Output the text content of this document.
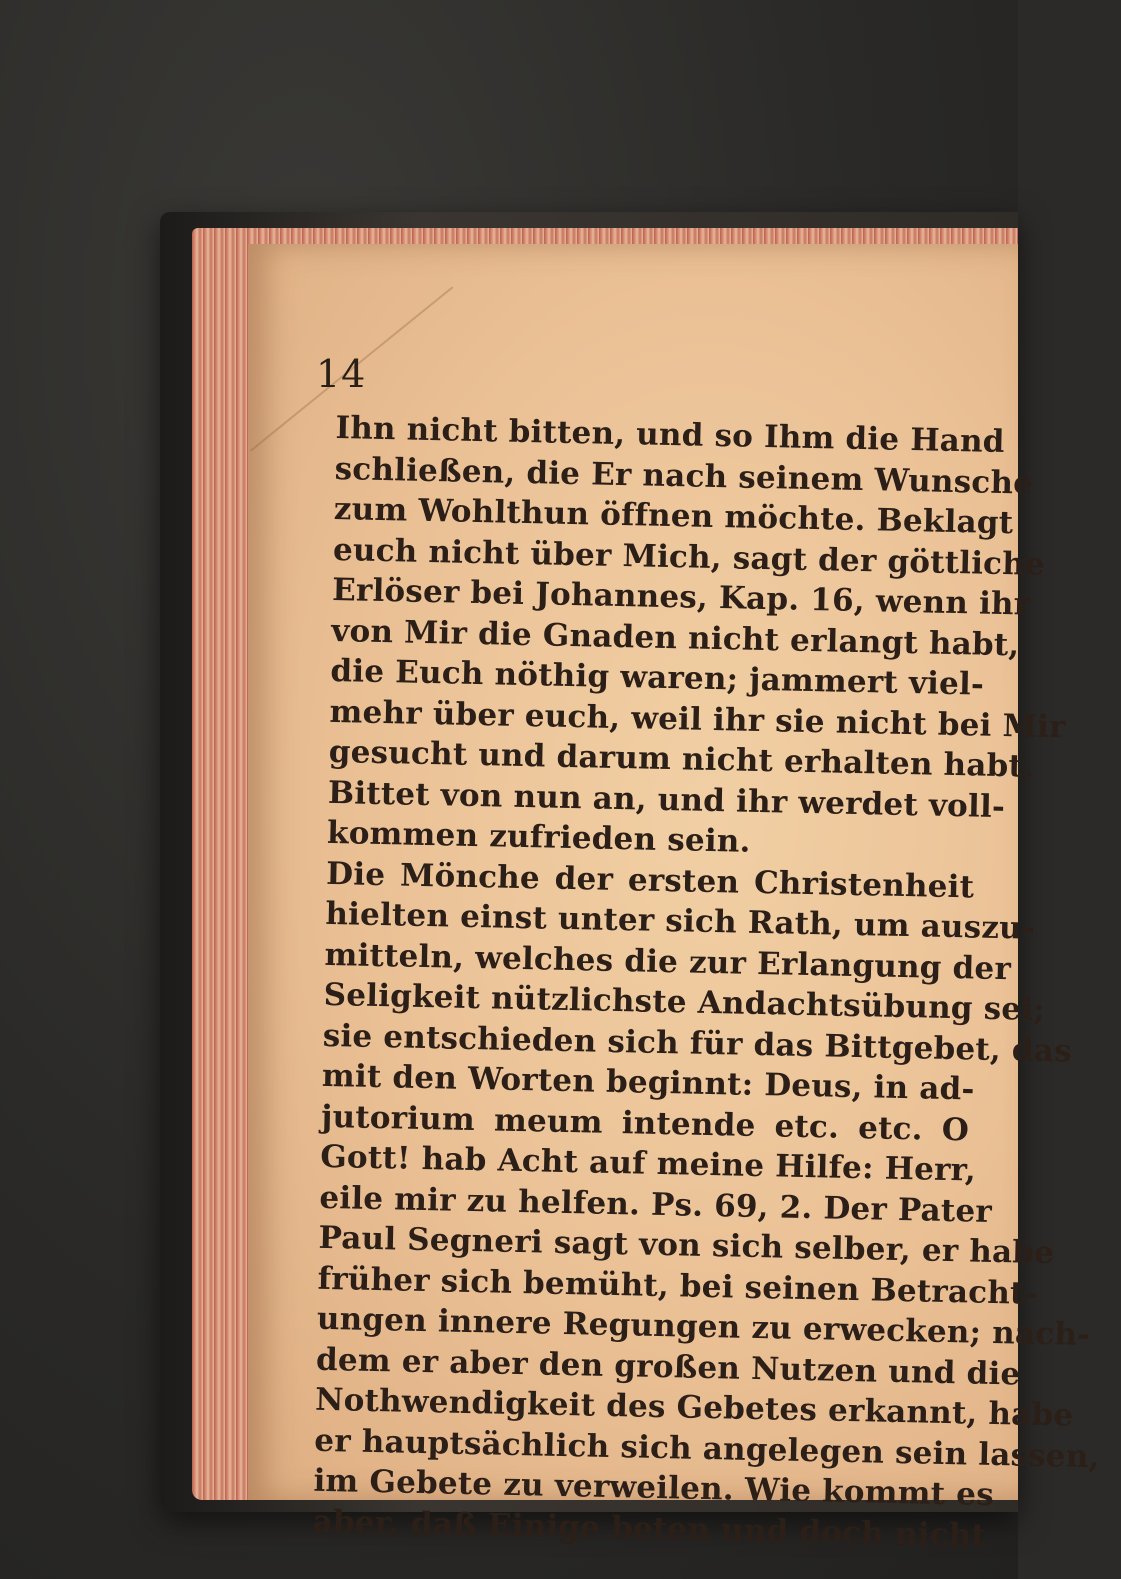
14
Ihn nicht bitten, und so Ihm die Hand
schließen, die Er nach seinem Wunsche
zum Wohlthun öffnen möchte. Beklagt
euch nicht über Mich, sagt der göttliche
Erlöser bei Johannes, Kap. 16, wenn ihr
von Mir die Gnaden nicht erlangt habt,
die Euch nöthig waren; jammert viel-
mehr über euch, weil ihr sie nicht bei Mir
gesucht und darum nicht erhalten habt.
Bittet von nun an, und ihr werdet voll-
kommen zufrieden sein.
Die Mönche der ersten Christenheit
hielten einst unter sich Rath, um auszu-
mitteln, welches die zur Erlangung der
Seligkeit nützlichste Andachtsübung sei;
sie entschieden sich für das Bittgebet, das
mit den Worten beginnt: Deus, in ad-
jutorium meum intende etc. etc. O
Gott! hab Acht auf meine Hilfe: Herr,
eile mir zu helfen. Ps. 69, 2. Der Pater
Paul Segneri sagt von sich selber, er habe
früher sich bemüht, bei seinen Betracht-
ungen innere Regungen zu erwecken; nach-
dem er aber den großen Nutzen und die
Nothwendigkeit des Gebetes erkannt, habe
er hauptsächlich sich angelegen sein lassen,
im Gebete zu verweilen. Wie kommt es
aber, daß Einige beten und doch nicht
